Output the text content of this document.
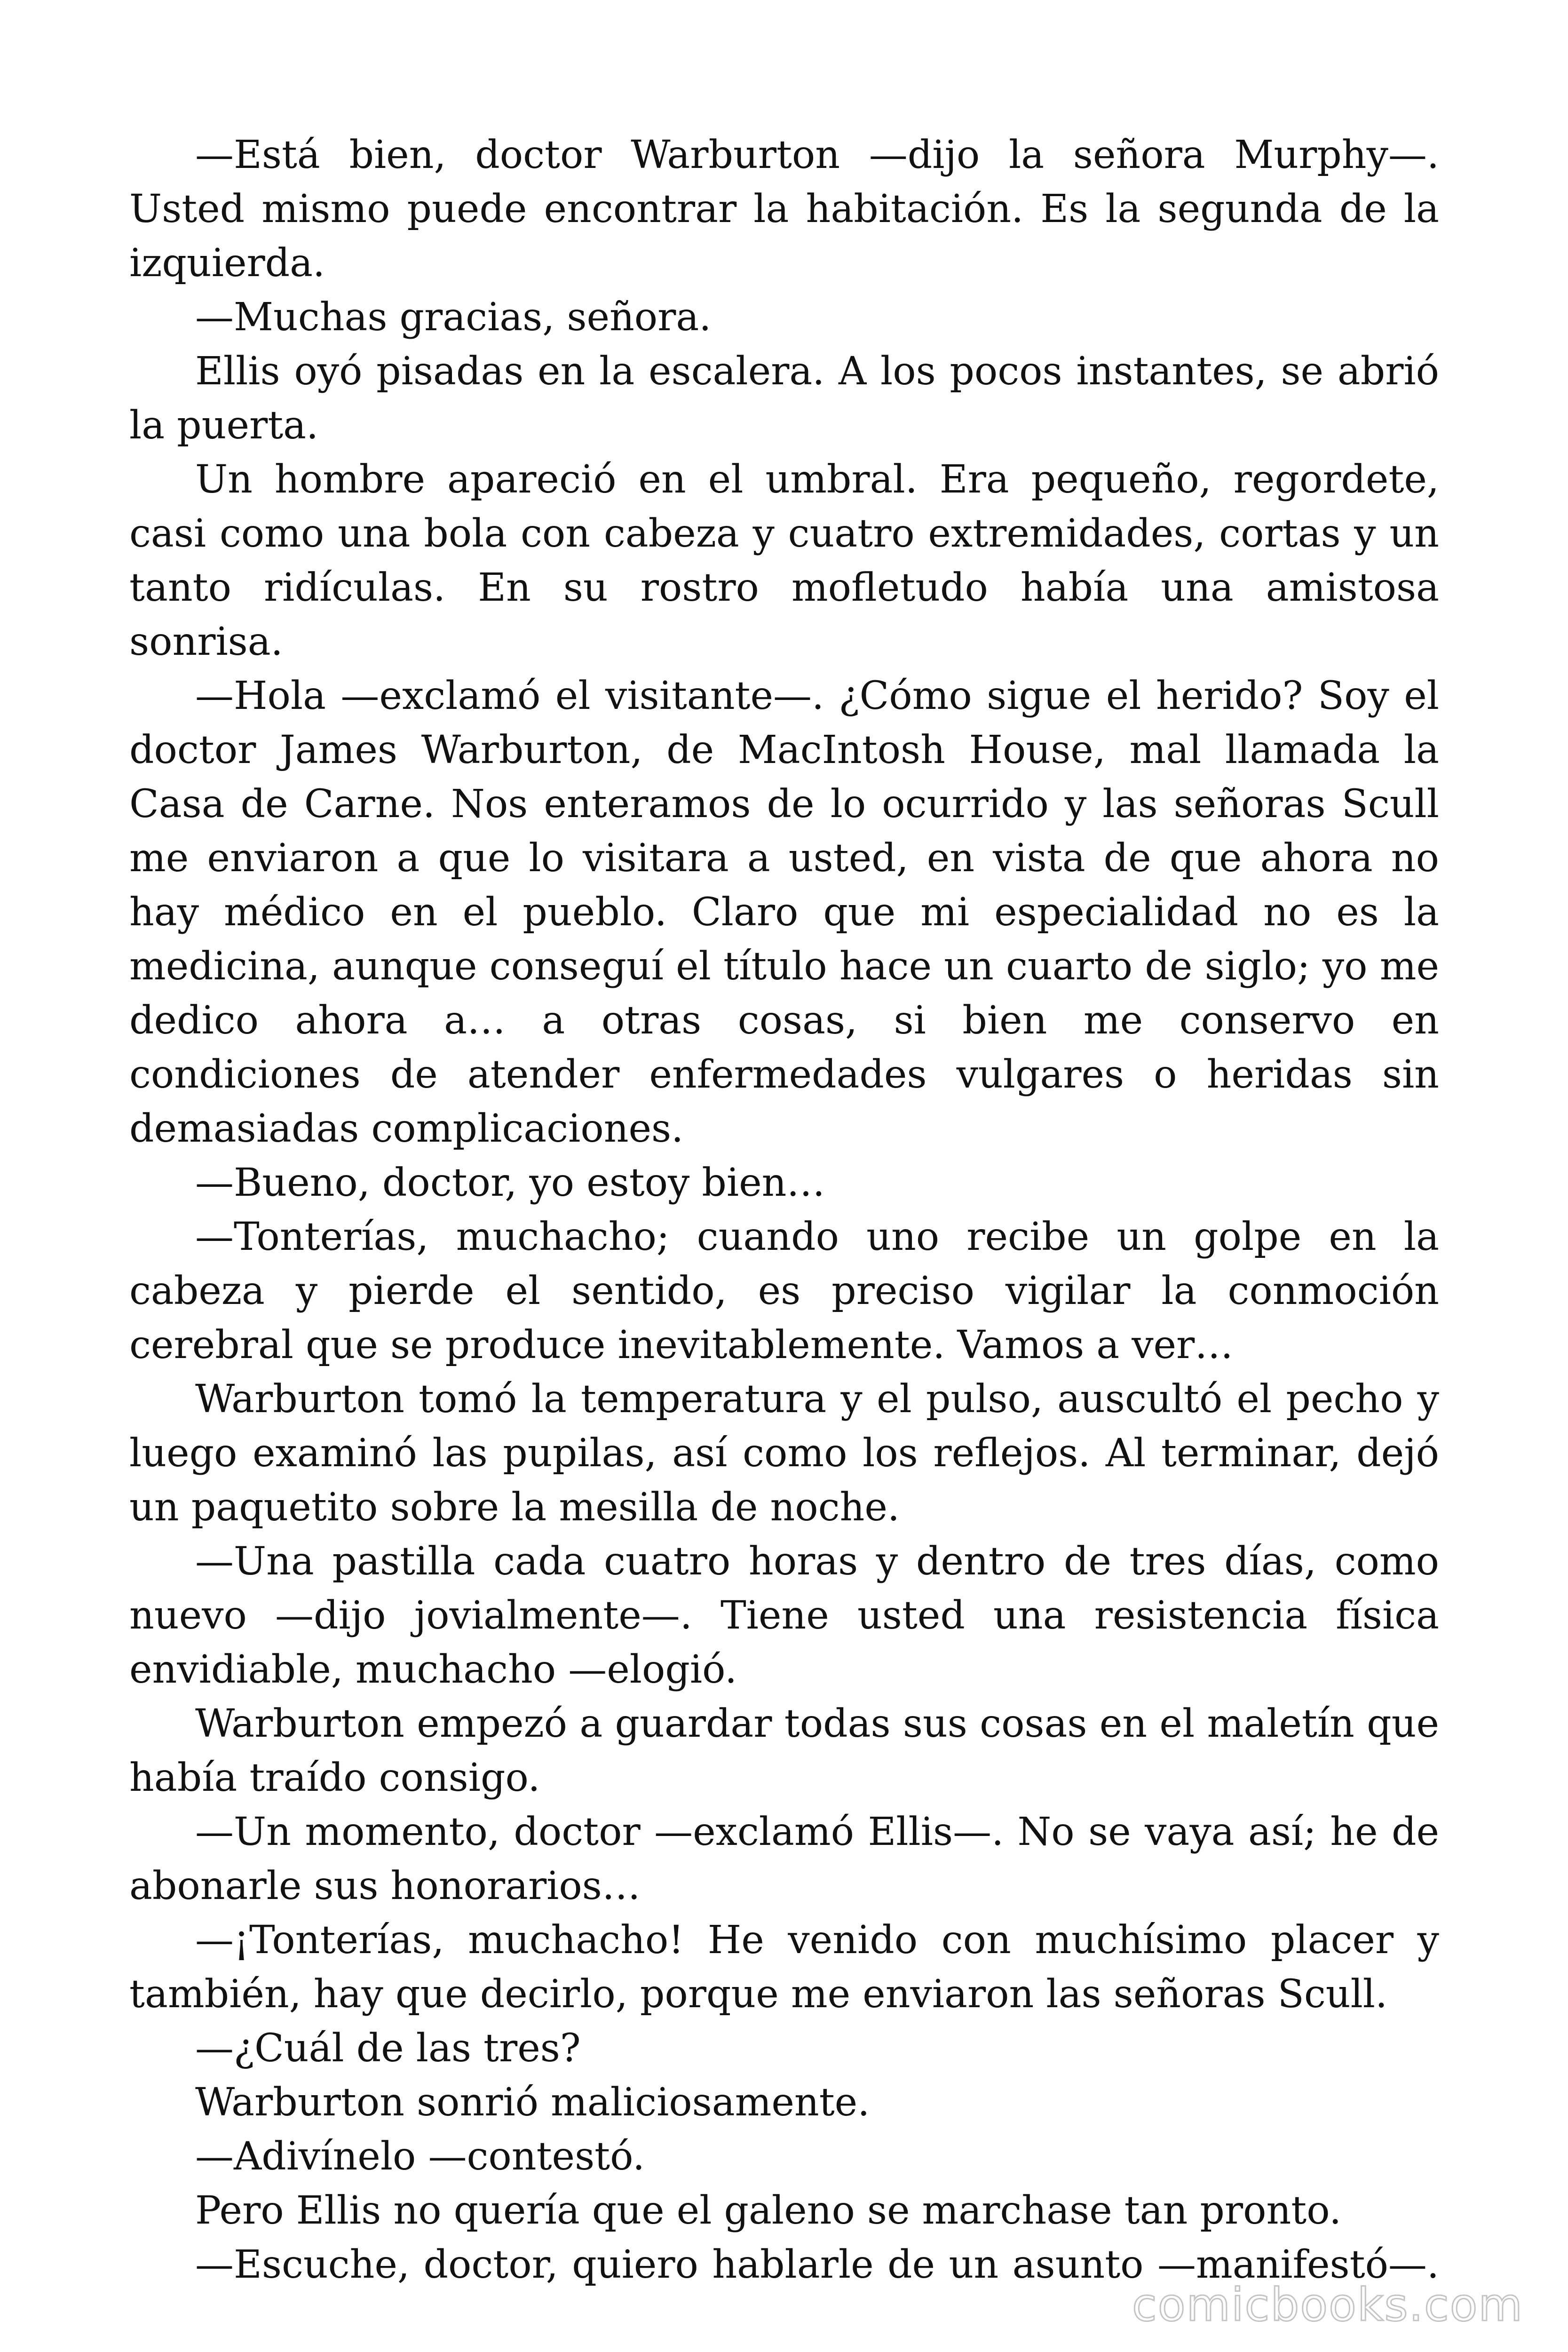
—Está bien, doctor Warburton —dijo la señora Murphy—. Usted mismo puede encontrar la habitación. Es la segunda de la izquierda.

—Muchas gracias, señora.

Ellis oyó pisadas en la escalera. A los pocos instantes, se abrió la puerta.

Un hombre apareció en el umbral. Era pequeño, regordete, casi como una bola con cabeza y cuatro extremidades, cortas y un tanto ridículas. En su rostro mofletudo había una amistosa sonrisa.

—Hola —exclamó el visitante—. ¿Cómo sigue el herido? Soy el doctor James Warburton, de MacIntosh House, mal llamada la Casa de Carne. Nos enteramos de lo ocurrido y las señoras Scull me enviaron a que lo visitara a usted, en vista de que ahora no hay médico en el pueblo. Claro que mi especialidad no es la medicina, aunque conseguí el título hace un cuarto de siglo; yo me dedico ahora a… a otras cosas, si bien me conservo en condiciones de atender enfermedades vulgares o heridas sin demasiadas complicaciones.

—Bueno, doctor, yo estoy bien…

—Tonterías, muchacho; cuando uno recibe un golpe en la cabeza y pierde el sentido, es preciso vigilar la conmoción cerebral que se produce inevitablemente. Vamos a ver…

Warburton tomó la temperatura y el pulso, auscultó el pecho y luego examinó las pupilas, así como los reflejos. Al terminar, dejó un paquetito sobre la mesilla de noche.

—Una pastilla cada cuatro horas y dentro de tres días, como nuevo —dijo jovialmente—. Tiene usted una resistencia física envidiable, muchacho —elogió.

Warburton empezó a guardar todas sus cosas en el maletín que había traído consigo.

—Un momento, doctor —exclamó Ellis—. No se vaya así; he de abonarle sus honorarios…

—¡Tonterías, muchacho! He venido con muchísimo placer y también, hay que decirlo, porque me enviaron las señoras Scull.

—¿Cuál de las tres?

Warburton sonrió maliciosamente.

—Adivínelo —contestó.

Pero Ellis no quería que el galeno se marchase tan pronto.

—Escuche, doctor, quiero hablarle de un asunto —manifestó—.

comicbooks.com
